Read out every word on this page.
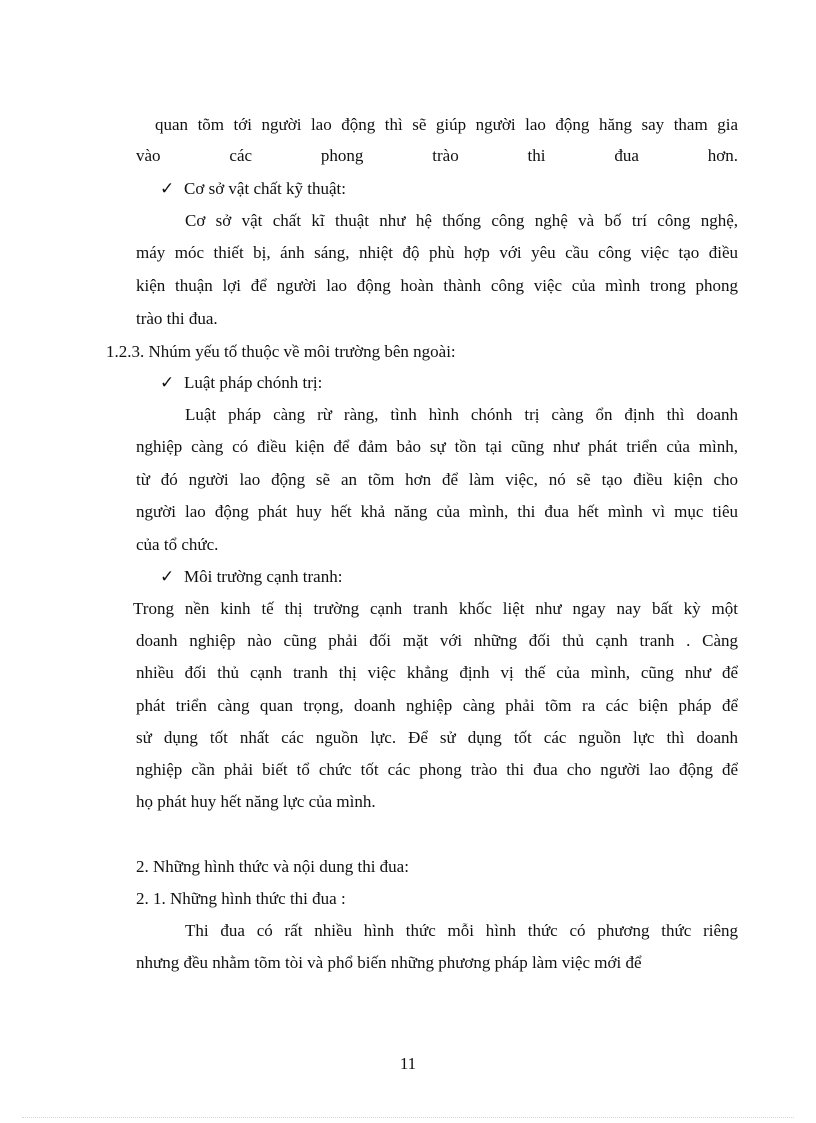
quan tõm tới người lao động thì sẽ giúp người lao động hăng say tham gia
vào các phong trào thi đua hơn.
✓ Cơ sở vật chất kỹ thuật:
Cơ sở vật chất kĩ thuật như hệ thống công nghệ và bố trí công nghệ,
máy móc thiết bị, ánh sáng, nhiệt độ phù hợp với yêu cầu công việc tạo điều
kiện thuận lợi để người lao động hoàn thành công việc của mình trong phong
trào thi đua.
1.2.3. Nhúm yếu tố thuộc về môi trường bên ngoài:
✓ Luật pháp chónh trị:
Luật pháp càng rừ ràng, tình hình chónh trị càng ổn định thì doanh
nghiệp càng có điều kiện để đảm bảo sự tồn tại cũng như phát triển của mình,
từ đó người lao động sẽ an tõm hơn để làm việc, nó sẽ tạo điều kiện cho
người lao động phát huy hết khả năng của mình, thi đua hết mình vì mục tiêu
của tổ chức.
✓ Môi trường cạnh tranh:
Trong nền kinh tế thị trường cạnh tranh khốc liệt như ngay nay bất kỳ một
doanh nghiệp nào cũng phải đối mặt với những đối thủ cạnh tranh . Càng
nhiều đối thủ cạnh tranh thị việc khẳng định vị thế của mình, cũng như để
phát triển càng quan trọng, doanh nghiệp càng phải tõm ra các biện pháp để
sử dụng tốt nhất các nguồn lực. Để sử dụng tốt các nguồn lực thì doanh
nghiệp cần phải biết tổ chức tốt các phong trào thi đua cho người lao động để
họ phát huy hết năng lực của mình.
2. Những hình thức và nội dung thi đua:
2. 1. Những hình thức thi đua :
Thi đua có rất nhiều hình thức mỗi hình thức có phương thức riêng
nhưng đều nhằm tõm tòi và phổ biến những phương pháp làm việc mới để
11
